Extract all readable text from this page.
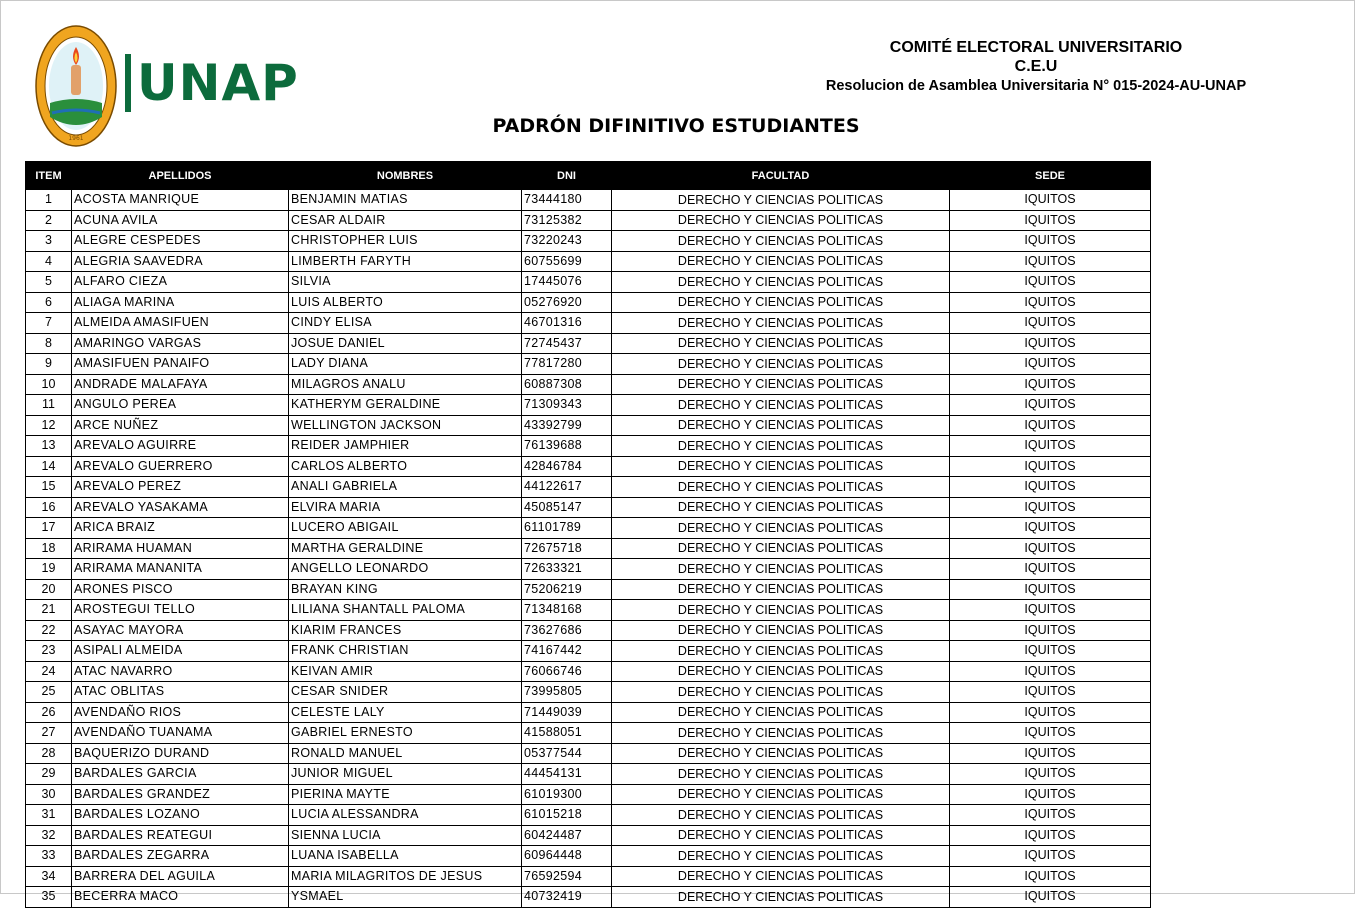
1961
UNAP
COMITÉ ELECTORAL UNIVERSITARIO
C.E.U
Resolucion de Asamblea Universitaria N° 015-2024-AU-UNAP
PADRÓN DIFINITIVO ESTUDIANTES
ITEM	APELLIDOS	NOMBRES	DNI	FACULTAD	SEDE
1	ACOSTA MANRIQUE	BENJAMIN MATIAS	73444180	DERECHO Y CIENCIAS POLITICAS	IQUITOS
2	ACUNA AVILA	CESAR ALDAIR	73125382	DERECHO Y CIENCIAS POLITICAS	IQUITOS
3	ALEGRE CESPEDES	CHRISTOPHER LUIS	73220243	DERECHO Y CIENCIAS POLITICAS	IQUITOS
4	ALEGRIA SAAVEDRA	LIMBERTH FARYTH	60755699	DERECHO Y CIENCIAS POLITICAS	IQUITOS
5	ALFARO CIEZA	SILVIA	17445076	DERECHO Y CIENCIAS POLITICAS	IQUITOS
6	ALIAGA MARINA	LUIS ALBERTO	05276920	DERECHO Y CIENCIAS POLITICAS	IQUITOS
7	ALMEIDA AMASIFUEN	CINDY ELISA	46701316	DERECHO Y CIENCIAS POLITICAS	IQUITOS
8	AMARINGO VARGAS	JOSUE DANIEL	72745437	DERECHO Y CIENCIAS POLITICAS	IQUITOS
9	AMASIFUEN PANAIFO	LADY DIANA	77817280	DERECHO Y CIENCIAS POLITICAS	IQUITOS
10	ANDRADE MALAFAYA	MILAGROS ANALU	60887308	DERECHO Y CIENCIAS POLITICAS	IQUITOS
11	ANGULO PEREA	KATHERYM GERALDINE	71309343	DERECHO Y CIENCIAS POLITICAS	IQUITOS
12	ARCE NUÑEZ	WELLINGTON JACKSON	43392799	DERECHO Y CIENCIAS POLITICAS	IQUITOS
13	AREVALO AGUIRRE	REIDER JAMPHIER	76139688	DERECHO Y CIENCIAS POLITICAS	IQUITOS
14	AREVALO GUERRERO	CARLOS ALBERTO	42846784	DERECHO Y CIENCIAS POLITICAS	IQUITOS
15	AREVALO PEREZ	ANALI GABRIELA	44122617	DERECHO Y CIENCIAS POLITICAS	IQUITOS
16	AREVALO YASAKAMA	ELVIRA MARIA	45085147	DERECHO Y CIENCIAS POLITICAS	IQUITOS
17	ARICA BRAIZ	LUCERO ABIGAIL	61101789	DERECHO Y CIENCIAS POLITICAS	IQUITOS
18	ARIRAMA HUAMAN	MARTHA GERALDINE	72675718	DERECHO Y CIENCIAS POLITICAS	IQUITOS
19	ARIRAMA MANANITA	ANGELLO LEONARDO	72633321	DERECHO Y CIENCIAS POLITICAS	IQUITOS
20	ARONES PISCO	BRAYAN KING	75206219	DERECHO Y CIENCIAS POLITICAS	IQUITOS
21	AROSTEGUI TELLO	LILIANA SHANTALL PALOMA	71348168	DERECHO Y CIENCIAS POLITICAS	IQUITOS
22	ASAYAC MAYORA	KIARIM FRANCES	73627686	DERECHO Y CIENCIAS POLITICAS	IQUITOS
23	ASIPALI ALMEIDA	FRANK CHRISTIAN	74167442	DERECHO Y CIENCIAS POLITICAS	IQUITOS
24	ATAC NAVARRO	KEIVAN AMIR	76066746	DERECHO Y CIENCIAS POLITICAS	IQUITOS
25	ATAC OBLITAS	CESAR SNIDER	73995805	DERECHO Y CIENCIAS POLITICAS	IQUITOS
26	AVENDAÑO RIOS	CELESTE LALY	71449039	DERECHO Y CIENCIAS POLITICAS	IQUITOS
27	AVENDAÑO TUANAMA	GABRIEL ERNESTO	41588051	DERECHO Y CIENCIAS POLITICAS	IQUITOS
28	BAQUERIZO DURAND	RONALD MANUEL	05377544	DERECHO Y CIENCIAS POLITICAS	IQUITOS
29	BARDALES GARCIA	JUNIOR MIGUEL	44454131	DERECHO Y CIENCIAS POLITICAS	IQUITOS
30	BARDALES GRANDEZ	PIERINA MAYTE	61019300	DERECHO Y CIENCIAS POLITICAS	IQUITOS
31	BARDALES LOZANO	LUCIA ALESSANDRA	61015218	DERECHO Y CIENCIAS POLITICAS	IQUITOS
32	BARDALES REATEGUI	SIENNA LUCIA	60424487	DERECHO Y CIENCIAS POLITICAS	IQUITOS
33	BARDALES ZEGARRA	LUANA ISABELLA	60964448	DERECHO Y CIENCIAS POLITICAS	IQUITOS
34	BARRERA DEL AGUILA	MARIA MILAGRITOS DE JESUS	76592594	DERECHO Y CIENCIAS POLITICAS	IQUITOS
35	BECERRA MACO	YSMAEL	40732419	DERECHO Y CIENCIAS POLITICAS	IQUITOS
